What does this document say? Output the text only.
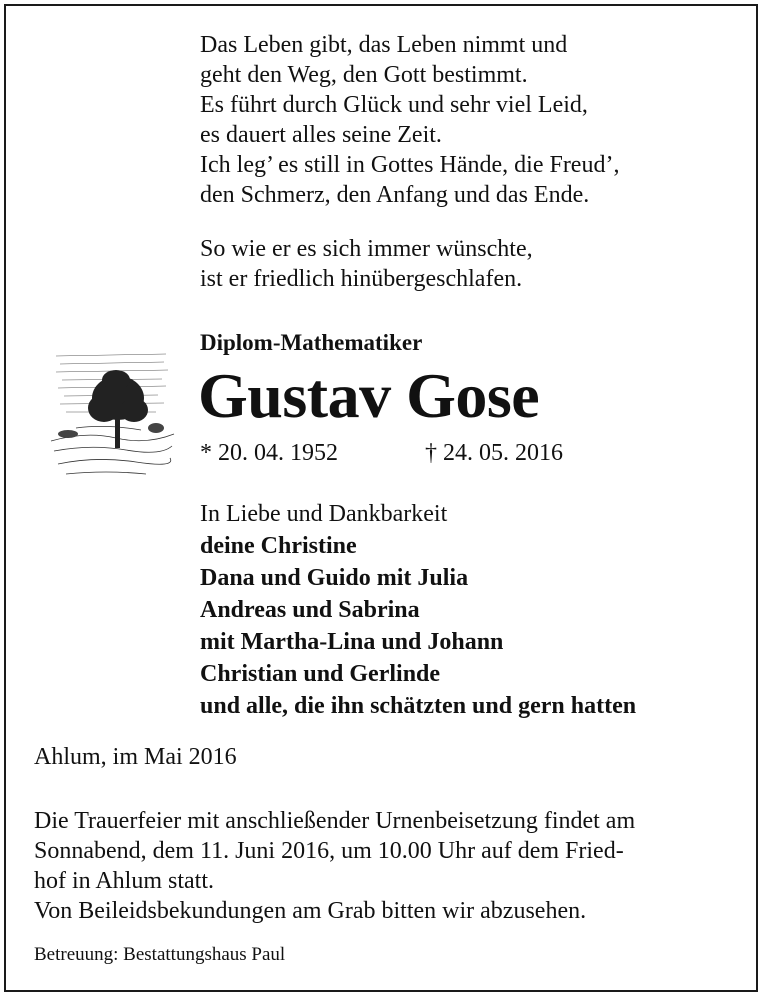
Das Leben gibt, das Leben nimmt und
geht den Weg, den Gott bestimmt.
Es führt durch Glück und sehr viel Leid,
es dauert alles seine Zeit.
Ich leg’ es still in Gottes Hände, die Freud’,
den Schmerz, den Anfang und das Ende.
So wie er es sich immer wünschte,
ist er friedlich hinübergeschlafen.
Diplom-Mathematiker
Gustav Gose
* 20. 04. 1952	† 24. 05. 2016
In Liebe und Dankbarkeit
deine Christine
Dana und Guido mit Julia
Andreas und Sabrina
mit Martha-Lina und Johann
Christian und Gerlinde
und alle, die ihn schätzten und gern hatten
Ahlum, im Mai 2016
Die Trauerfeier mit anschließender Urnenbeisetzung findet am
Sonnabend, dem 11. Juni 2016, um 10.00 Uhr auf dem Fried-
hof in Ahlum statt.
Von Beileidsbekundungen am Grab bitten wir abzusehen.
Betreuung: Bestattungshaus Paul
